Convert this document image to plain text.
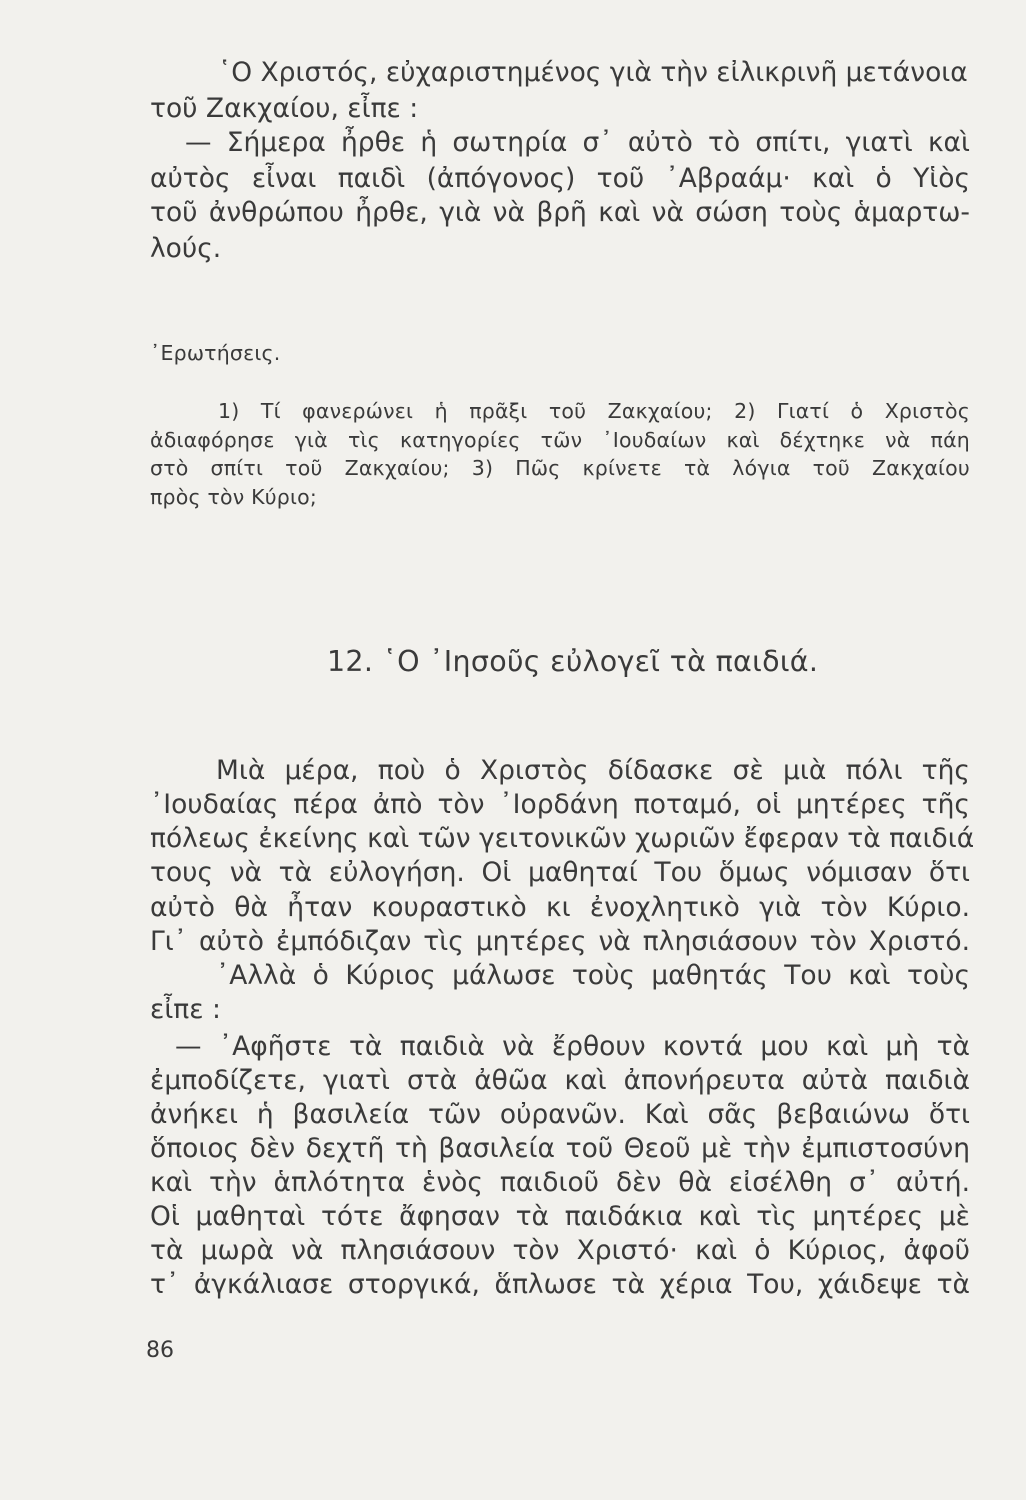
῾Ο Χριστός, εὐχαριστημένος γιὰ τὴν εἰλικρινῆ μετάνοια

τοῦ Ζακχαίου, εἶπε :

— Σήμερα ἦρθε ἡ σωτηρία σ᾽ αὐτὸ τὸ σπίτι, γιατὶ καὶ

αὐτὸς εἶναι παιδὶ (ἀπόγονος) τοῦ ᾿Αβραάμ· καὶ ὁ Υἱὸς

τοῦ ἀνθρώπου ἦρθε, γιὰ νὰ βρῆ καὶ νὰ σώση τοὺς ἁμαρτω-

λούς.

᾿Ερωτήσεις.

1) Τί φανερώνει ἡ πρᾶξι τοῦ Ζακχαίου; 2) Γιατί ὁ Χριστὸς

ἀδιαφόρησε γιὰ τὶς κατηγορίες τῶν ᾿Ιουδαίων καὶ δέχτηκε νὰ πάη

στὸ σπίτι τοῦ Ζακχαίου; 3) Πῶς κρίνετε τὰ λόγια τοῦ Ζακχαίου

πρὸς τὸν Κύριο;

12. ῾Ο ᾿Ιησοῦς εὐλογεῖ τὰ παιδιά.

Μιὰ μέρα, ποὺ ὁ Χριστὸς δίδασκε σὲ μιὰ πόλι τῆς

᾿Ιουδαίας πέρα ἀπὸ τὸν ᾿Ιορδάνη ποταμό, οἱ μητέρες τῆς

πόλεως ἐκείνης καὶ τῶν γειτονικῶν χωριῶν ἔφεραν τὰ παιδιά

τους νὰ τὰ εὐλογήση. Οἱ μαθηταί Του ὅμως νόμισαν ὅτι

αὐτὸ θὰ ἦταν κουραστικὸ κι ἐνοχλητικὸ γιὰ τὸν Κύριο.

Γι᾽ αὐτὸ ἐμπόδιζαν τὶς μητέρες νὰ πλησιάσουν τὸν Χριστό.

᾿Αλλὰ ὁ Κύριος μάλωσε τοὺς μαθητάς Του καὶ τοὺς

εἶπε :

— ᾿Αφῆστε τὰ παιδιὰ νὰ ἔρθουν κοντά μου καὶ μὴ τὰ

ἐμποδίζετε, γιατὶ στὰ ἀθῶα καὶ ἀπονήρευτα αὐτὰ παιδιὰ

ἀνήκει ἡ βασιλεία τῶν οὐρανῶν. Καὶ σᾶς βεβαιώνω ὅτι

ὅποιος δὲν δεχτῆ τὴ βασιλεία τοῦ Θεοῦ μὲ τὴν ἐμπιστοσύνη

καὶ τὴν ἁπλότητα ἑνὸς παιδιοῦ δὲν θὰ εἰσέλθη σ᾽ αὐτή.

Οἱ μαθηταὶ τότε ἄφησαν τὰ παιδάκια καὶ τὶς μητέρες μὲ

τὰ μωρὰ νὰ πλησιάσουν τὸν Χριστό· καὶ ὁ Κύριος, ἀφοῦ

τ᾽ ἀγκάλιασε στοργικά, ἅπλωσε τὰ χέρια Του, χάιδεψε τὰ

86
